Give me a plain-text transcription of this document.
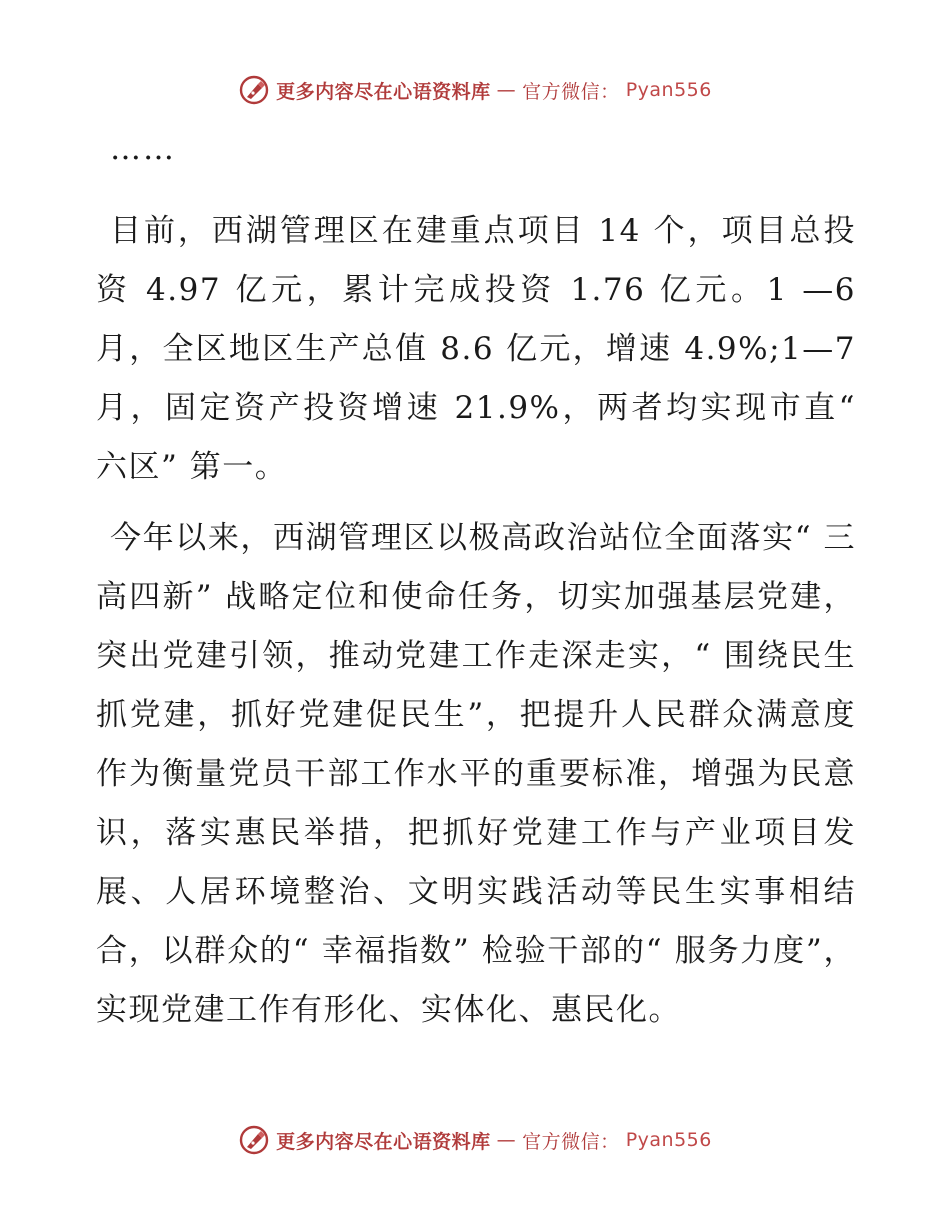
更多内容尽在心语资料库 — 官方微信： Pyan556

……

目前，西湖管理区在建重点项目 14 个，项目总投资 4.97 亿元，累计完成投资 1.76 亿元。1 —6 月，全区地区生产总值 8.6 亿元，增速 4.9%;1—7 月，固定资产投资增速 21.9%，两者均实现市直“ 六区” 第一。

今年以来，西湖管理区以极高政治站位全面落实“ 三高四新” 战略定位和使命任务，切实加强基层党建，突出党建引领，推动党建工作走深走实，“ 围绕民生抓党建，抓好党建促民生”，把提升人民群众满意度作为衡量党员干部工作水平的重要标准，增强为民意识，落实惠民举措，把抓好党建工作与产业项目发展、人居环境整治、文明实践活动等民生实事相结合，以群众的“ 幸福指数” 检验干部的“ 服务力度”，实现党建工作有形化、实体化、惠民化。

更多内容尽在心语资料库 — 官方微信： Pyan556
